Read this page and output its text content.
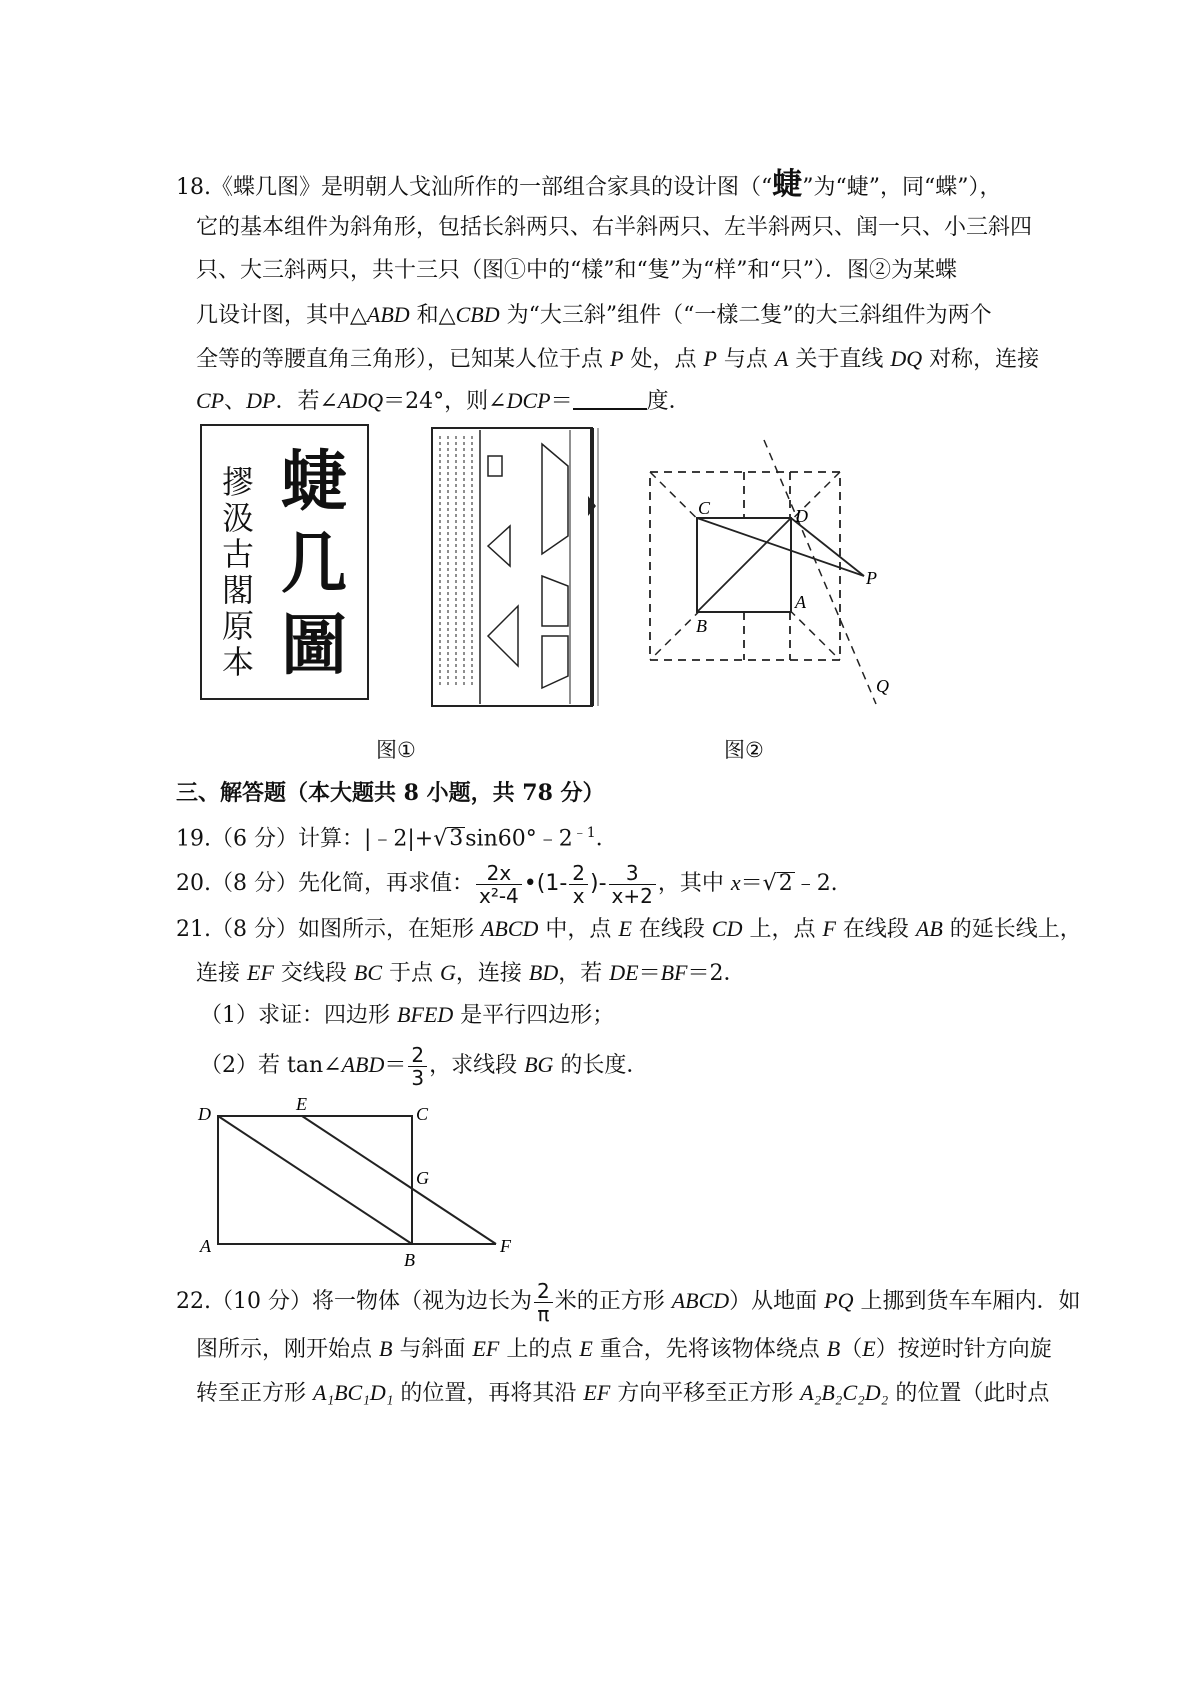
18.《蝶几图》是明朝人戈汕所作的一部组合家具的设计图（“蜨”为“蜨”，同“蝶”），
它的基本组件为斜角形，包括长斜两只、右半斜两只、左半斜两只、闺一只、小三斜四
只、大三斜两只，共十三只（图①中的“樣”和“隻”为“样”和“只”）．图②为某蝶
几设计图，其中△ABD 和△CBD 为“大三斜”组件（“一樣二隻”的大三斜组件为两个
全等的等腰直角三角形），已知某人位于点 P 处，点 P 与点 A 关于直线 DQ 对称，连接
CP、DP．若∠ADQ＝24°，则∠DCP＝	度．
蜨
几
圖
摎
汲
古
閣
原
本
图①
C	D
B
A
P
Q
图②
三、解答题（本大题共 8 小题，共 78 分）
19.（6 分）计算：$|﹣2|+√3\sin 60^\circ﹣2^{﹣1}$．
20.（8 分）先化简，再求值： $\frac{2x}{\text{x²-4}}$ •(1- $\frac{2}{x}$ )- $\frac{3}{x+2}$ ，其中 x＝√2﹣2.
21.（8 分）如图所示，在矩形 ABCD 中，点 E 在线段 CD 上，点 F 在线段 AB 的延长线上，
连接 EF 交线段 BC 于点 G，连接 BD，若 DE＝BF＝2．
（1）求证：四边形 BFED 是平行四边形；
（2）若 tan∠ABD＝ $\frac{2}{3}$ ，求线段 BG 的长度．
D	E	C
G
A
B
F
22.（10 分）将一物体（视为边长为 $\frac{2}{\pi}$ 米的正方形 ABCD）从地面 PQ 上挪到货车车厢内．如
图所示，刚开始点 B 与斜面 EF 上的点 E 重合，先将该物体绕点 B（E）按逆时针方向旋
转至正方形 A₁BC₁D₁ 的位置，再将其沿 EF 方向平移至正方形 A₂B₂C₂D₂ 的位置（此时点
